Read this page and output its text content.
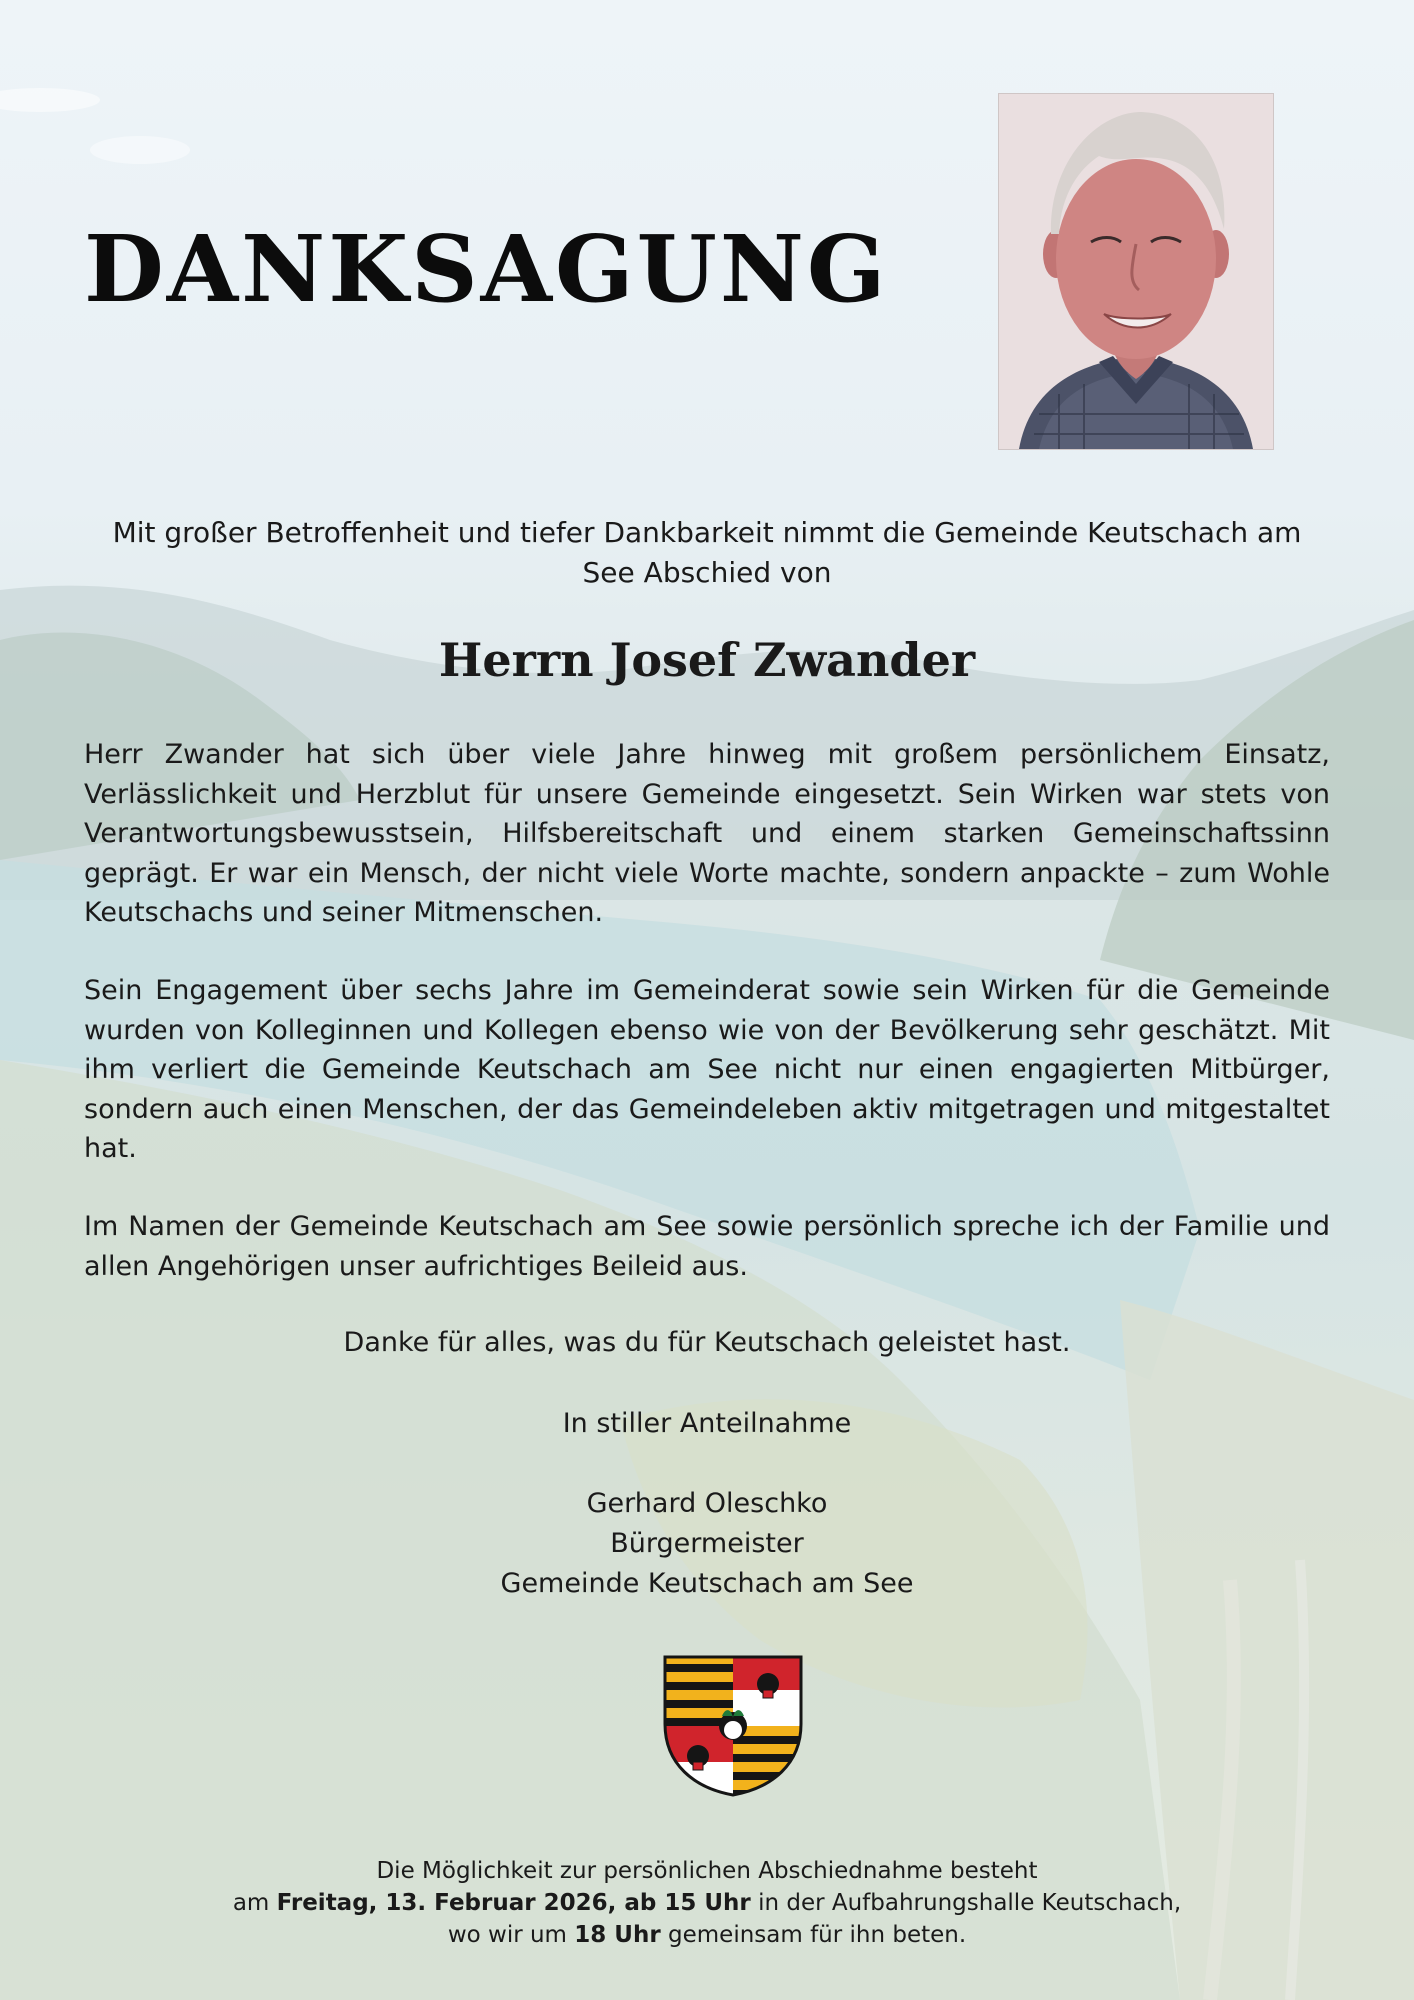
DANKSAGUNG

Mit großer Betroffenheit und tiefer Dankbarkeit nimmt die Gemeinde Keutschach am See Abschied von

Herrn Josef Zwander

Herr Zwander hat sich über viele Jahre hinweg mit großem persönlichem Einsatz, Verlässlichkeit und Herzblut für unsere Gemeinde eingesetzt. Sein Wirken war stets von Verantwortungsbewusstsein, Hilfsbereitschaft und einem starken Gemeinschaftssinn geprägt. Er war ein Mensch, der nicht viele Worte machte, sondern anpackte – zum Wohle Keutschachs und seiner Mitmenschen.

Sein Engagement über sechs Jahre im Gemeinderat sowie sein Wirken für die Gemeinde wurden von Kolleginnen und Kollegen ebenso wie von der Bevölkerung sehr geschätzt. Mit ihm verliert die Gemeinde Keutschach am See nicht nur einen engagierten Mitbürger, sondern auch einen Menschen, der das Gemeindeleben aktiv mitgetragen und mitgestaltet hat.

Im Namen der Gemeinde Keutschach am See sowie persönlich spreche ich der Familie und allen Angehörigen unser aufrichtiges Beileid aus.

Danke für alles, was du für Keutschach geleistet hast.

In stiller Anteilnahme

Gerhard Oleschko
Bürgermeister
Gemeinde Keutschach am See

Die Möglichkeit zur persönlichen Abschiednahme besteht
am Freitag, 13. Februar 2026, ab 15 Uhr in der Aufbahrungshalle Keutschach,
wo wir um 18 Uhr gemeinsam für ihn beten.
